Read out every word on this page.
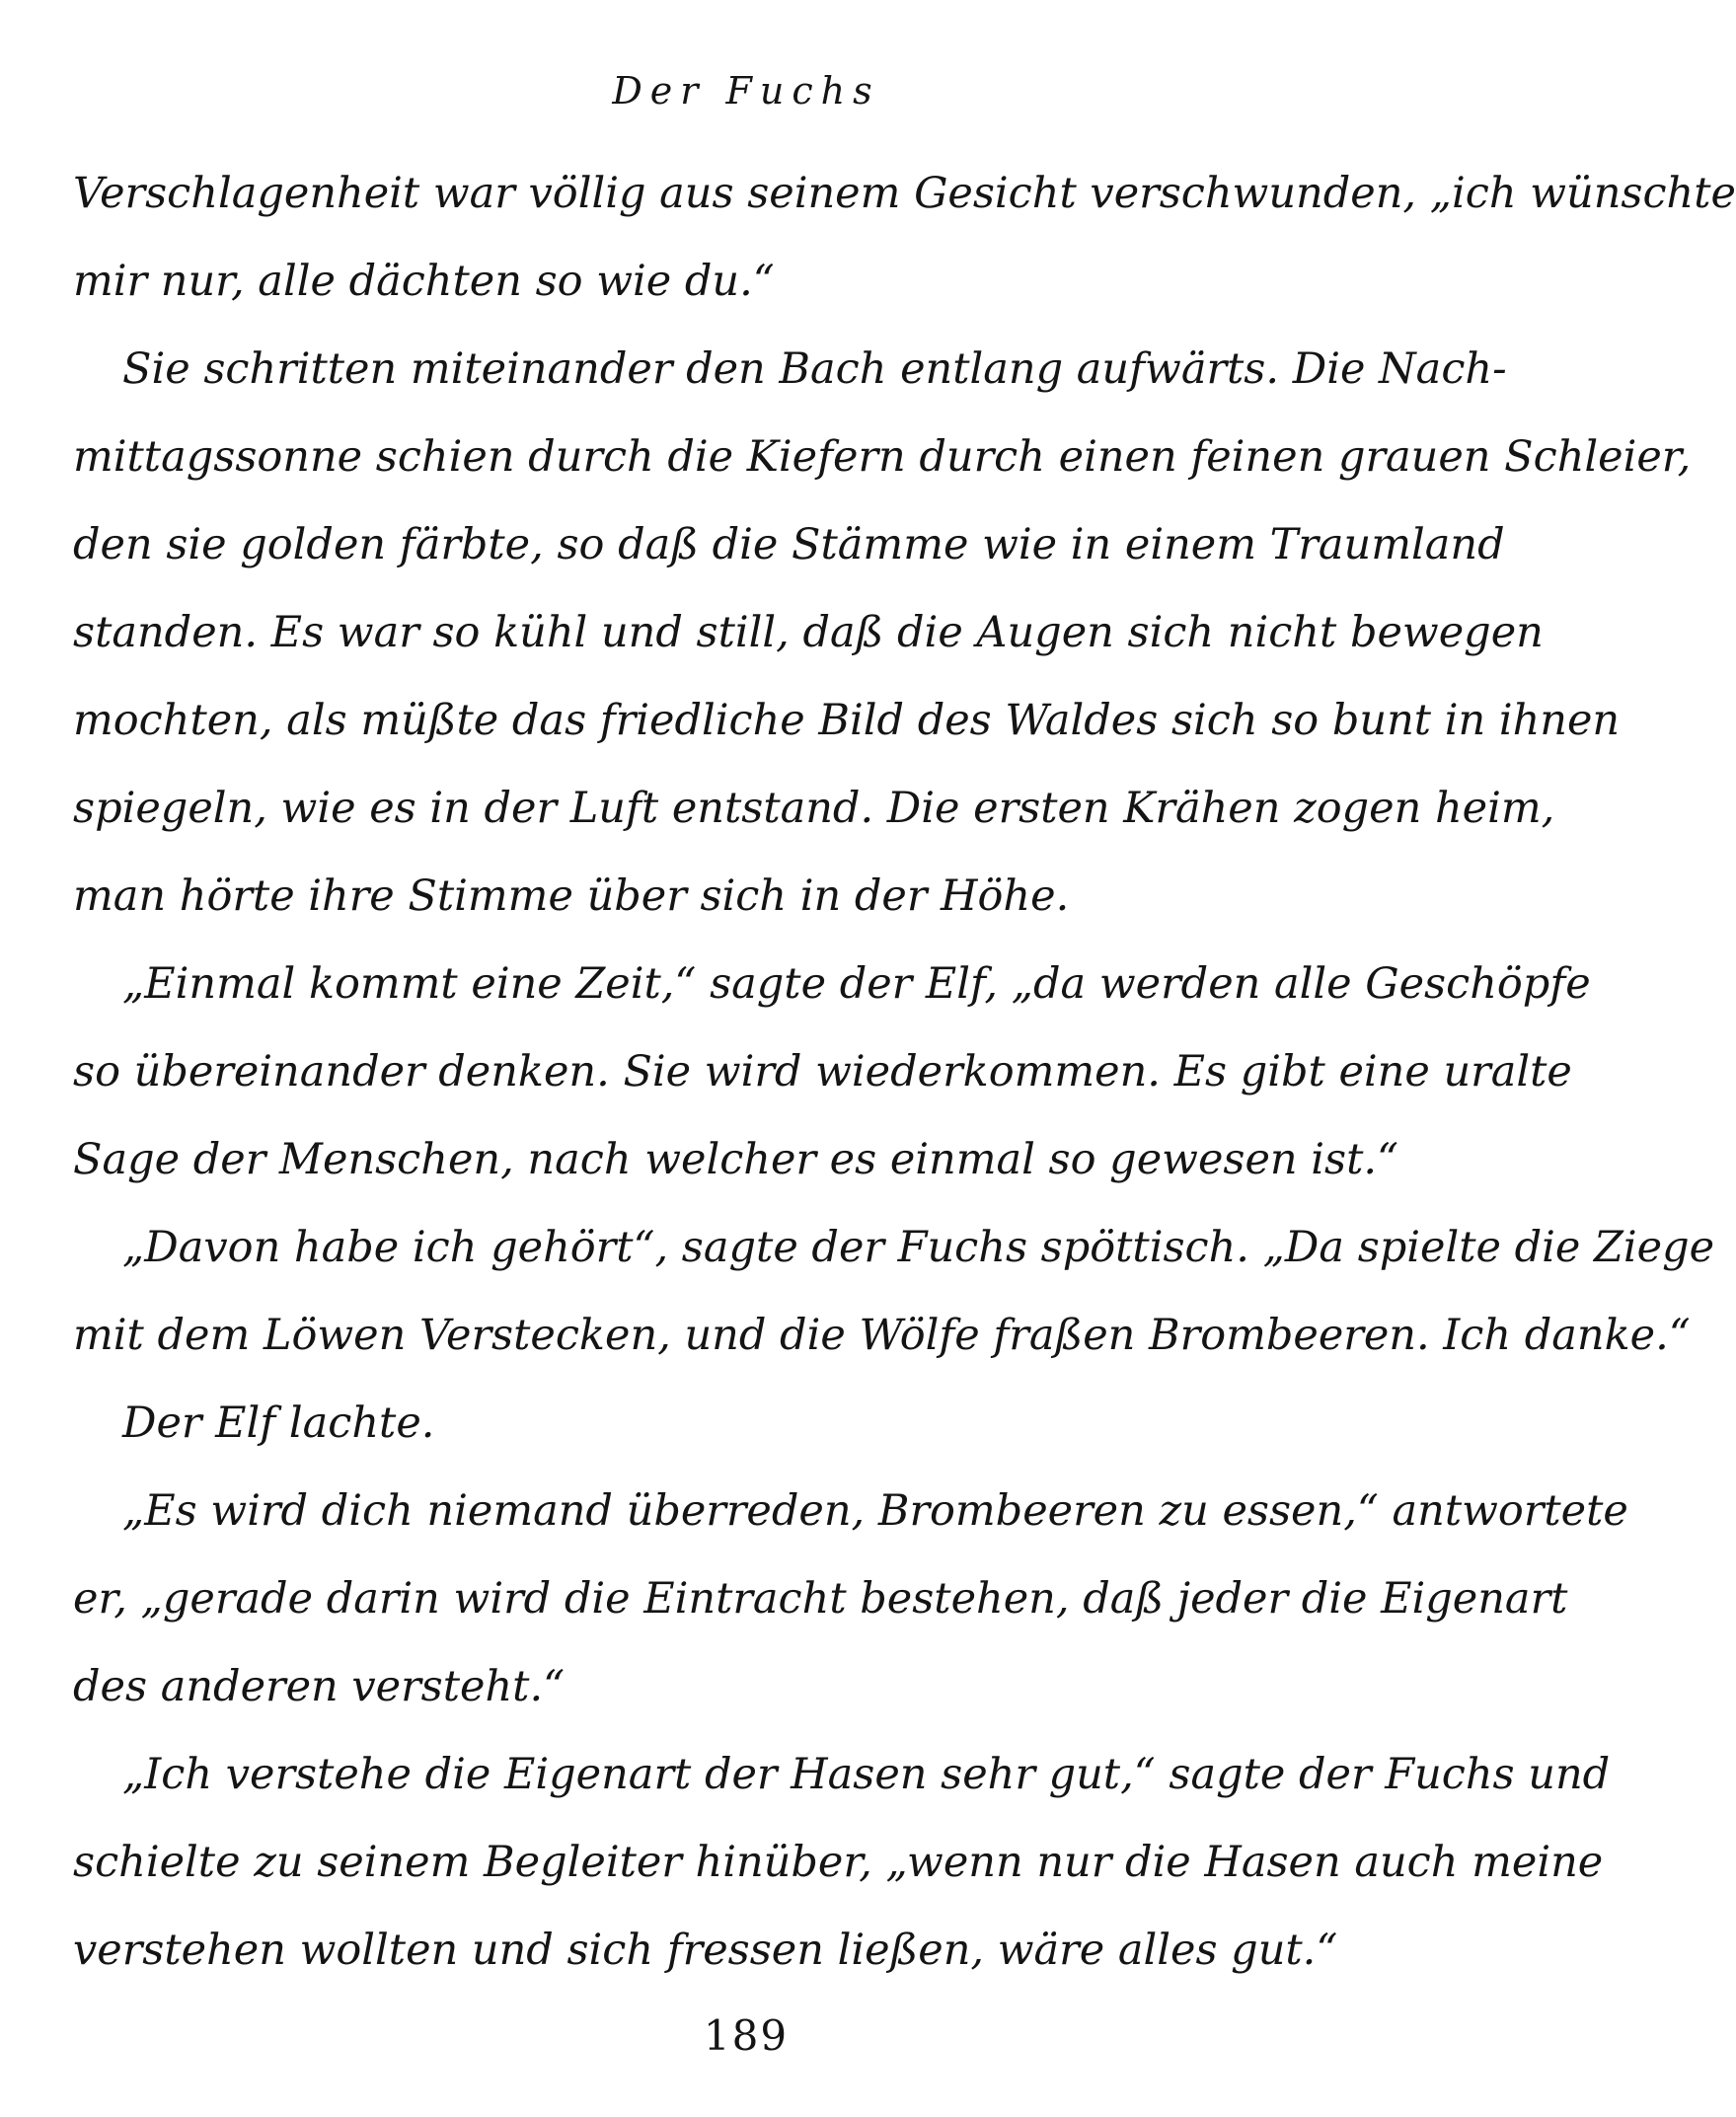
Der Fuchs
Verschlagenheit war völlig aus seinem Gesicht verschwunden, „ich wünschte
mir nur, alle dächten so wie du.“
Sie schritten miteinander den Bach entlang aufwärts. Die Nach-
mittagssonne schien durch die Kiefern durch einen feinen grauen Schleier,
den sie golden färbte, so daß die Stämme wie in einem Traumland
standen. Es war so kühl und still, daß die Augen sich nicht bewegen
mochten, als müßte das friedliche Bild des Waldes sich so bunt in ihnen
spiegeln, wie es in der Luft entstand. Die ersten Krähen zogen heim,
man hörte ihre Stimme über sich in der Höhe.
„Einmal kommt eine Zeit,“ sagte der Elf, „da werden alle Geschöpfe
so übereinander denken. Sie wird wiederkommen. Es gibt eine uralte
Sage der Menschen, nach welcher es einmal so gewesen ist.“
„Davon habe ich gehört“, sagte der Fuchs spöttisch. „Da spielte die Ziege
mit dem Löwen Verstecken, und die Wölfe fraßen Brombeeren. Ich danke.“
Der Elf lachte.
„Es wird dich niemand überreden, Brombeeren zu essen,“ antwortete
er, „gerade darin wird die Eintracht bestehen, daß jeder die Eigenart
des anderen versteht.“
„Ich verstehe die Eigenart der Hasen sehr gut,“ sagte der Fuchs und
schielte zu seinem Begleiter hinüber, „wenn nur die Hasen auch meine
verstehen wollten und sich fressen ließen, wäre alles gut.“
189
